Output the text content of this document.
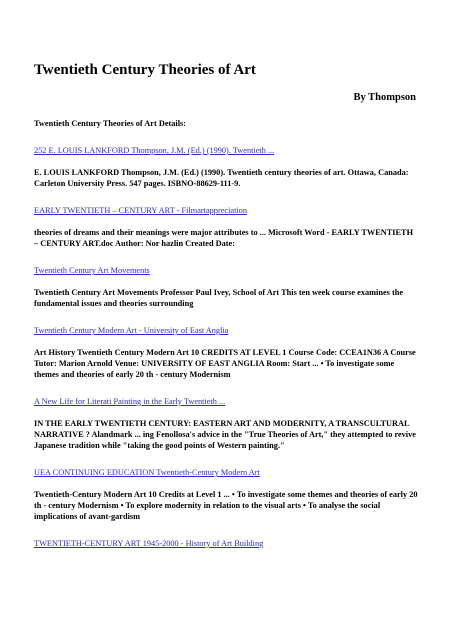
Twentieth Century Theories of Art
By Thompson

Twentieth Century Theories of Art Details:

252 E. LOUIS LANKFORD Thompson, J.M. (Ed.) (1990). Twentieth ...

E. LOUIS LANKFORD Thompson, J.M. (Ed.) (1990). Twentieth century theories of art. Ottawa, Canada: Carleton University Press. 547 pages. ISBNO-88629-111-9.

EARLY TWENTIETH – CENTURY ART - Filmartappreciation

theories of dreams and their meanings were major attributes to ... Microsoft Word - EARLY TWENTIETH – CENTURY ART.doc Author: Nor hazlin Created Date:

Twentieth Century Art Movements

Twentieth Century Art Movements Professor Paul Ivey, School of Art This ten week course examines the fundamental issues and theories surrounding

Twentieth Century Modern Art - University of East Anglia

Art History Twentieth Century Modern Art 10 CREDITS AT LEVEL 1 Course Code: CCEA1N36 A Course Tutor: Marion Arnold Venue: UNIVERSITY OF EAST ANGLIA Room: Start ... • To investigate some themes and theories of early 20 th - century Modernism

A New Life for Literati Painting in the Early Twentieth ...

IN THE EARLY TWENTIETH CENTURY: EASTERN ART AND MODERNITY, A TRANSCULTURAL NARRATIVE ? Alandmark ... ing Fenollosa's advice in the "True Theories of Art," they attempted to revive Japanese tradition while "taking the good points of Western painting."

UEA CONTINUING EDUCATION Twentieth-Century Modern Art

Twentieth-Century Modern Art 10 Credits at Level 1 ... • To investigate some themes and theories of early 20 th - century Modernism • To explore modernity in relation to the visual arts • To analyse the social implications of avant-gardism

TWENTIETH-CENTURY ART 1945-2000 - History of Art Building
